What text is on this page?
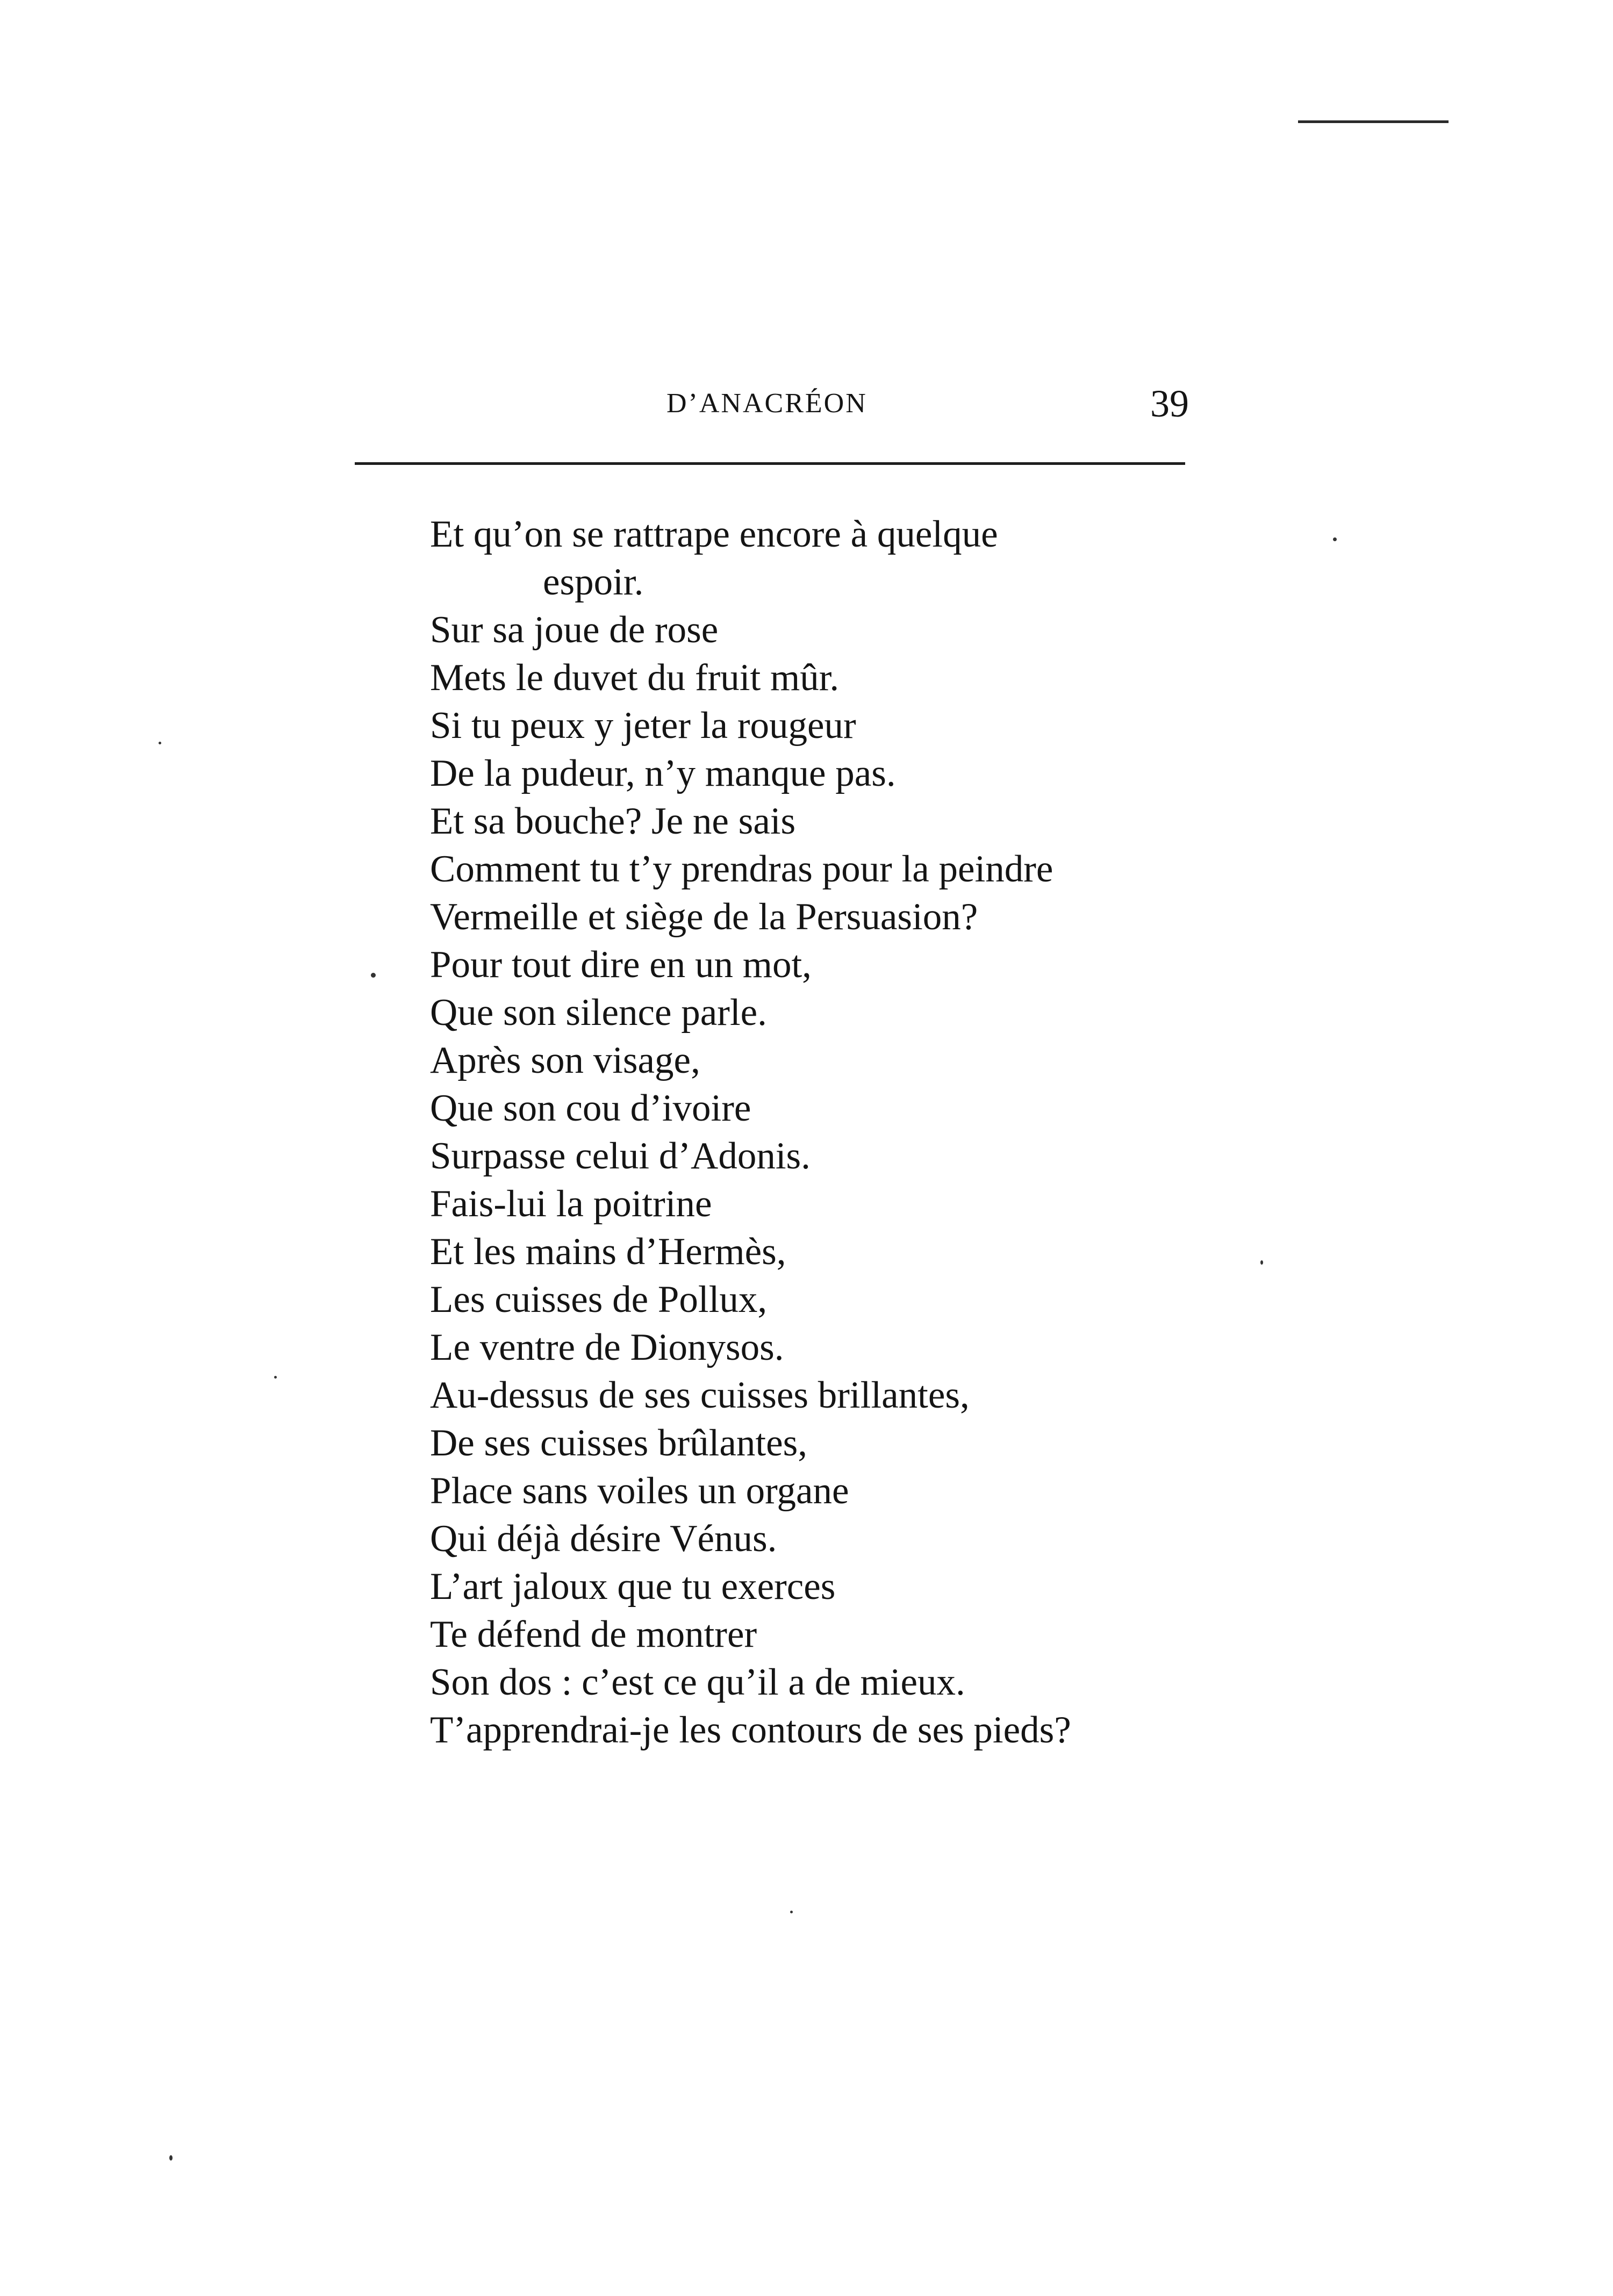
D’ANACRÉON	39
Et qu’on se rattrape encore à quelque
espoir.
Sur sa joue de rose
Mets le duvet du fruit mûr.
Si tu peux y jeter la rougeur
De la pudeur, n’y manque pas.
Et sa bouche? Je ne sais
Comment tu t’y prendras pour la peindre
Vermeille et siège de la Persuasion?
Pour tout dire en un mot,
Que son silence parle.
Après son visage,
Que son cou d’ivoire
Surpasse celui d’Adonis.
Fais-lui la poitrine
Et les mains d’Hermès,
Les cuisses de Pollux,
Le ventre de Dionysos.
Au-dessus de ses cuisses brillantes,
De ses cuisses brûlantes,
Place sans voiles un organe
Qui déjà désire Vénus.
L’art jaloux que tu exerces
Te défend de montrer
Son dos : c’est ce qu’il a de mieux.
T’apprendrai-je les contours de ses pieds?
